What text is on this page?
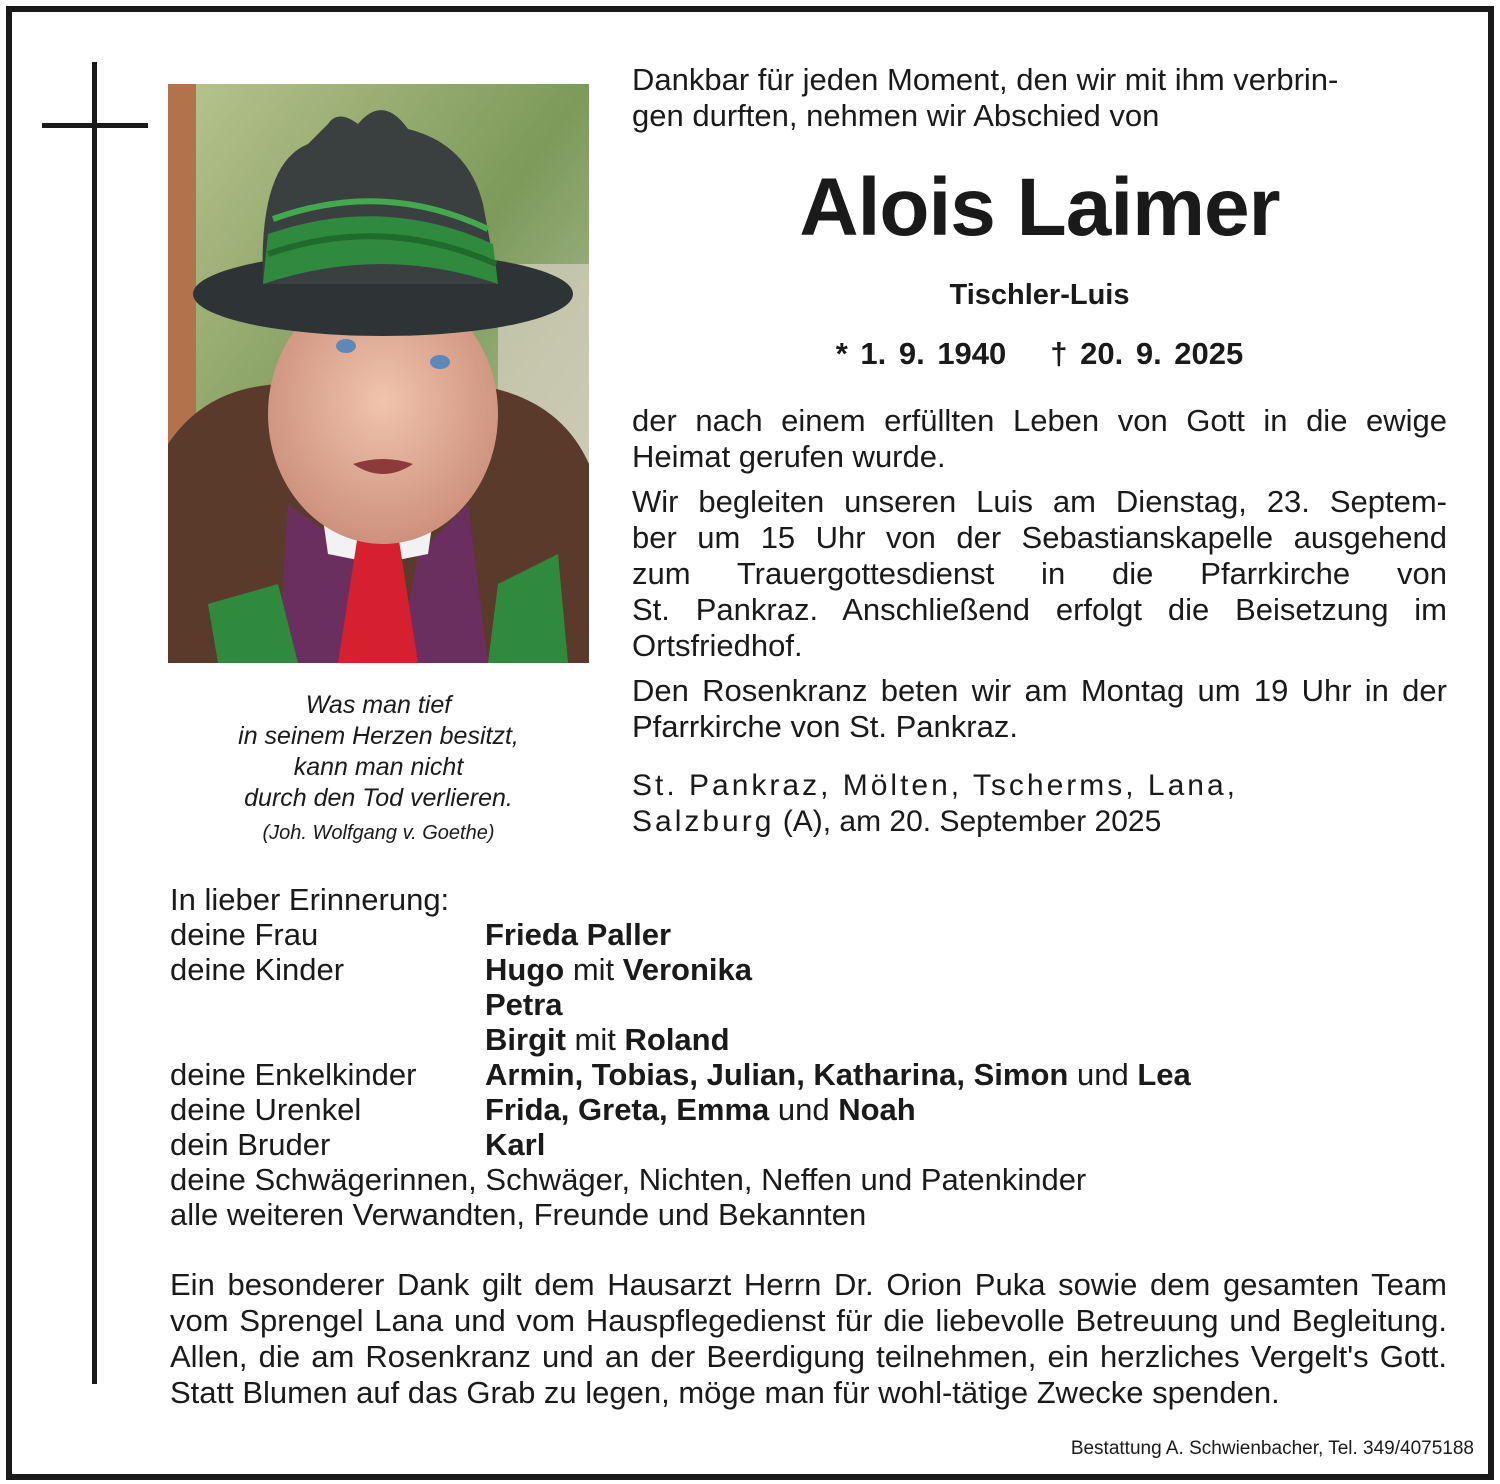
Was man tief
in seinem Herzen besitzt,
kann man nicht
durch den Tod verlieren.
(Joh. Wolfgang v. Goethe)
Dankbar für jeden Moment, den wir mit ihm verbrin-
gen durften, nehmen wir Abschied von
Alois Laimer
Tischler-Luis
* 1. 9. 1940 † 20. 9. 2025

der nach einem erfüllten Leben von Gott in die ewige Heimat gerufen wurde.

Wir begleiten unseren Luis am Dienstag, 23. Septem-
ber um 15 Uhr von der Sebastianskapelle ausgehend
zum Trauergottesdienst in die Pfarrkirche von
St. Pankraz. Anschließend erfolgt die Beisetzung im
Ortsfriedhof.

Den Rosenkranz beten wir am Montag um 19 Uhr in der Pfarrkirche von St. Pankraz.

St. Pankraz, Mölten, Tscherms, Lana,
Salzburg (A), am 20. September 2025
In lieber Erinnerung:
deine Frau	Frieda Paller
deine Kinder	Hugo mit Veronika
Petra
Birgit mit Roland
deine Enkelkinder	Armin, Tobias, Julian, Katharina, Simon und Lea
deine Urenkel	Frida, Greta, Emma und Noah
dein Bruder	Karl
deine Schwägerinnen, Schwäger, Nichten, Neffen und Patenkinder
alle weiteren Verwandten, Freunde und Bekannten

Ein besonderer Dank gilt dem Hausarzt Herrn Dr. Orion Puka sowie dem gesamten Team vom Sprengel Lana und vom Hauspflegedienst für die liebevolle Betreuung und Begleitung. Allen, die am Rosenkranz und an der Beerdigung teilnehmen, ein herzliches Vergelt's Gott. Statt Blumen auf das Grab zu legen, möge man für wohl-tätige Zwecke spenden.

Bestattung A. Schwienbacher, Tel. 349/4075188
